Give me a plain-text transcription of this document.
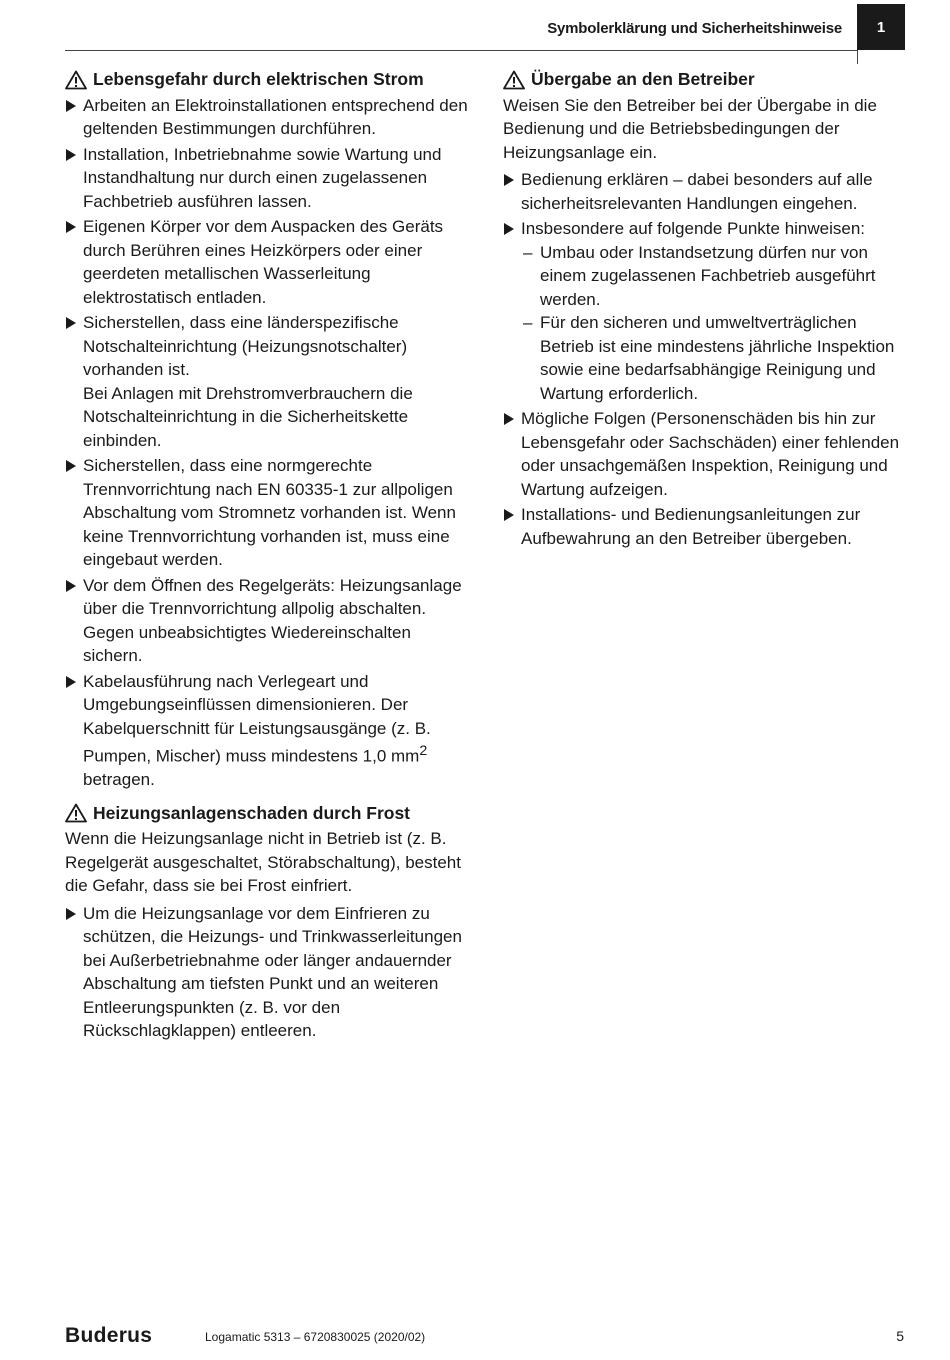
Symbolerklärung und Sicherheitshinweise	1
Lebensgefahr durch elektrischen Strom
Arbeiten an Elektroinstallationen entsprechend den geltenden Bestimmungen durchführen.
Installation, Inbetriebnahme sowie Wartung und Instandhaltung nur durch einen zugelassenen Fachbetrieb ausführen lassen.
Eigenen Körper vor dem Auspacken des Geräts durch Berühren eines Heizkörpers oder einer geerdeten metallischen Wasserleitung elektrostatisch entladen.
Sicherstellen, dass eine länderspezifische Notschalteinrichtung (Heizungsnotschalter) vorhanden ist.
Bei Anlagen mit Drehstromverbrauchern die Notschalteinrichtung in die Sicherheitskette einbinden.
Sicherstellen, dass eine normgerechte Trennvorrichtung nach EN 60335-1 zur allpoligen Abschaltung vom Stromnetz vorhanden ist. Wenn keine Trennvorrichtung vorhanden ist, muss eine eingebaut werden.
Vor dem Öffnen des Regelgeräts: Heizungsanlage über die Trennvorrichtung allpolig abschalten. Gegen unbeabsichtigtes Wiedereinschalten sichern.
Kabelausführung nach Verlegeart und Umgebungseinflüssen dimensionieren. Der Kabelquerschnitt für Leistungsausgänge (z. B. Pumpen, Mischer) muss mindestens 1,0 $mm^2$ betragen.
Heizungsanlagenschaden durch Frost

Wenn die Heizungsanlage nicht in Betrieb ist (z. B. Regelgerät ausgeschaltet, Störabschaltung), besteht die Gefahr, dass sie bei Frost einfriert.

Um die Heizungsanlage vor dem Einfrieren zu schützen, die Heizungs- und Trinkwasserleitungen bei Außerbetriebnahme oder länger andauernder Abschaltung am tiefsten Punkt und an weiteren Entleerungspunkten (z. B. vor den Rückschlagklappen) entleeren.
Übergabe an den Betreiber

Weisen Sie den Betreiber bei der Übergabe in die Bedienung und die Betriebsbedingungen der Heizungsanlage ein.

Bedienung erklären – dabei besonders auf alle sicherheitsrelevanten Handlungen eingehen.
Insbesondere auf folgende Punkte hinweisen:
– Umbau oder Instandsetzung dürfen nur von einem zugelassenen Fachbetrieb ausgeführt werden.
– Für den sicheren und umweltverträglichen Betrieb ist eine mindestens jährliche Inspektion sowie eine bedarfsabhängige Reinigung und Wartung erforderlich.
Mögliche Folgen (Personenschäden bis hin zur Lebensgefahr oder Sachschäden) einer fehlenden oder unsachgemäßen Inspektion, Reinigung und Wartung aufzeigen.
Installations- und Bedienungsanleitungen zur Aufbewahrung an den Betreiber übergeben.
Buderus	Logamatic 5313 – 6720830025 (2020/02)	5
